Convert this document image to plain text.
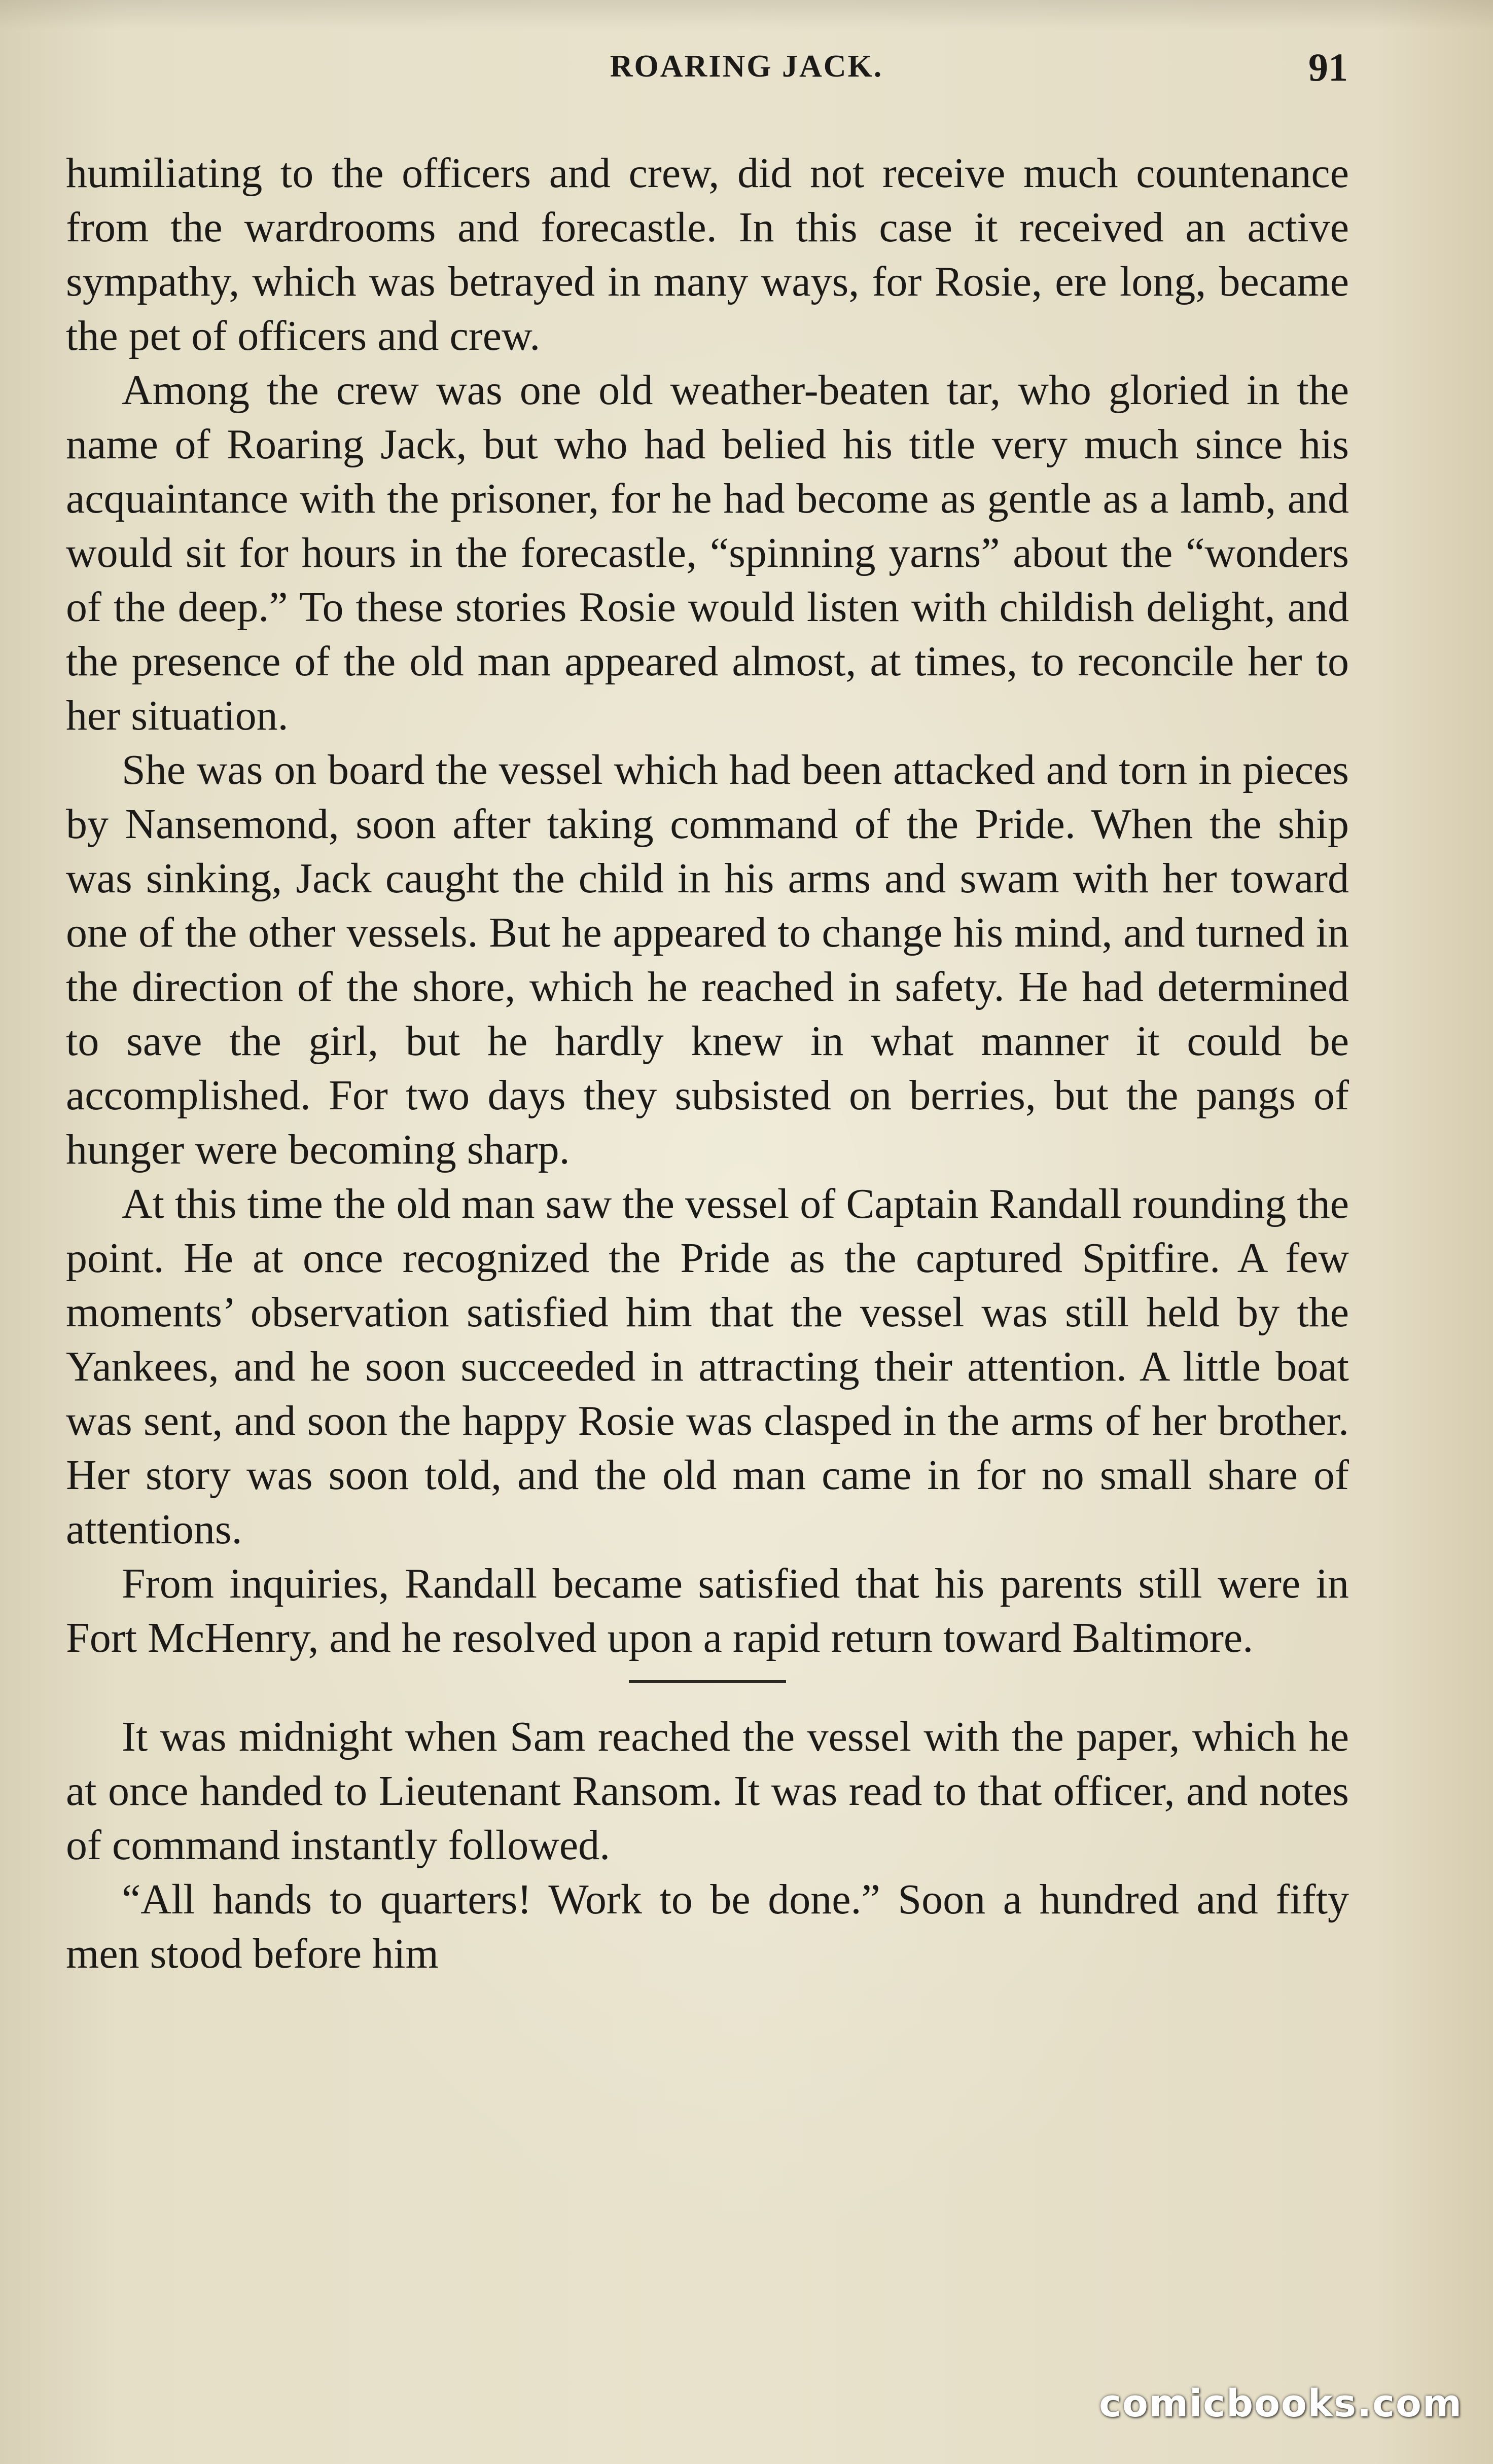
ROARING JACK.	91

humiliating to the officers and crew, did not receive much countenance from the wardrooms and forecastle. In this case it received an active sympathy, which was betrayed in many ways, for Rosie, ere long, became the pet of officers and crew.

Among the crew was one old weather-beaten tar, who gloried in the name of Roaring Jack, but who had belied his title very much since his acquaintance with the prisoner, for he had become as gentle as a lamb, and would sit for hours in the forecastle, “spinning yarns” about the “wonders of the deep.” To these stories Rosie would listen with childish delight, and the presence of the old man appeared almost, at times, to reconcile her to her situation.

She was on board the vessel which had been attacked and torn in pieces by Nansemond, soon after taking command of the Pride. When the ship was sinking, Jack caught the child in his arms and swam with her toward one of the other vessels. But he appeared to change his mind, and turned in the direction of the shore, which he reached in safety. He had determined to save the girl, but he hardly knew in what manner it could be accomplished. For two days they subsisted on berries, but the pangs of hunger were becoming sharp.

At this time the old man saw the vessel of Captain Randall rounding the point. He at once recognized the Pride as the captured Spitfire. A few moments’ observation satisfied him that the vessel was still held by the Yankees, and he soon succeeded in attracting their attention. A little boat was sent, and soon the happy Rosie was clasped in the arms of her brother. Her story was soon told, and the old man came in for no small share of attentions.

From inquiries, Randall became satisfied that his parents still were in Fort McHenry, and he resolved upon a rapid return toward Baltimore.

It was midnight when Sam reached the vessel with the paper, which he at once handed to Lieutenant Ransom. It was read to that officer, and notes of command instantly followed.

“All hands to quarters! Work to be done.” Soon a hundred and fifty men stood before him

comicbooks.com
